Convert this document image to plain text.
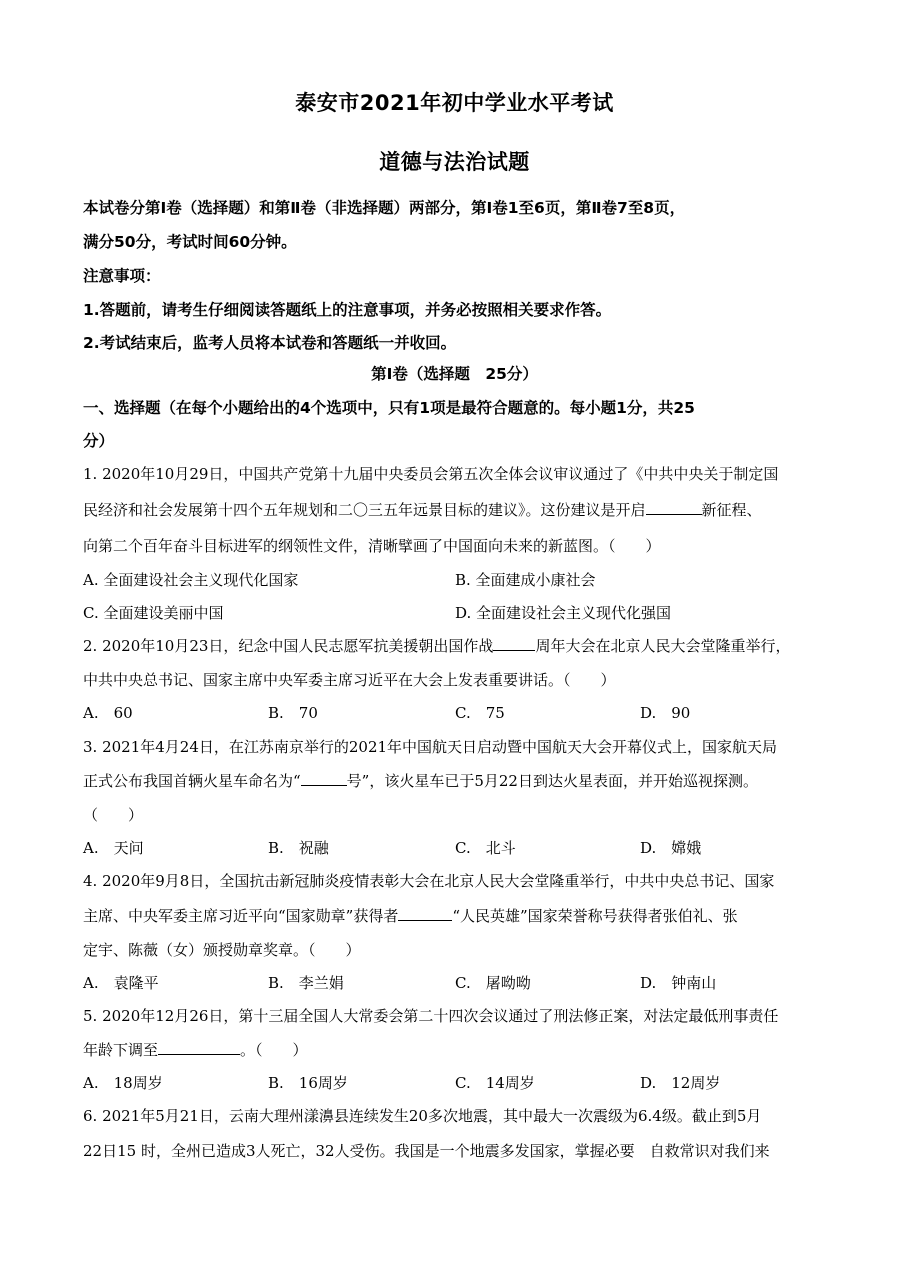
泰安市2021年初中学业水平考试
道德与法治试题
本试卷分第Ⅰ卷（选择题）和第Ⅱ卷（非选择题）两部分，第Ⅰ卷1至6页，第Ⅱ卷7至8页，
满分50分，考试时间60分钟。
注意事项：
1.答题前，请考生仔细阅读答题纸上的注意事项，并务必按照相关要求作答。
2.考试结束后，监考人员将本试卷和答题纸一并收回。
第Ⅰ卷（选择题　25分）
一、选择题（在每个小题给出的4个选项中，只有1项是最符合题意的。每小题1分，共25
分）
1. 2020年10月29日，中国共产党第十九届中央委员会第五次全体会议审议通过了《中共中央关于制定国
民经济和社会发展第十四个五年规划和二〇三五年远景目标的建议》。这份建议是开启	新征程、
向第二个百年奋斗目标进军的纲领性文件，清晰擘画了中国面向未来的新蓝图。（　　）
A. 全面建设社会主义现代化国家	B. 全面建成小康社会
C. 全面建设美丽中国	D. 全面建设社会主义现代化强国
2. 2020年10月23日，纪念中国人民志愿军抗美援朝出国作战	周年大会在北京人民大会堂隆重举行，
中共中央总书记、国家主席中央军委主席习近平在大会上发表重要讲话。（　　）
A.　60	B.　70	C.　75	D.　90
3. 2021年4月24日，在江苏南京举行的2021年中国航天日启动暨中国航天大会开幕仪式上，国家航天局
正式公布我国首辆火星车命名为“	号”，该火星车已于5月22日到达火星表面，并开始巡视探测。
（　　）
A.　天问	B.　祝融	C.　北斗	D.　嫦娥
4. 2020年9月8日，全国抗击新冠肺炎疫情表彰大会在北京人民大会堂隆重举行，中共中央总书记、国家
主席、中央军委主席习近平向“国家勋章”获得者	“人民英雄”国家荣誉称号获得者张伯礼、张
定宇、陈薇（女）颁授勋章奖章。（　　）
A.　袁隆平	B.　李兰娟	C.　屠呦呦	D.　钟南山
5. 2020年12月26日，第十三届全国人大常委会第二十四次会议通过了刑法修正案，对法定最低刑事责任
年龄下调至	。（　　）
A.　18周岁	B.　16周岁	C.　14周岁	D.　12周岁
6. 2021年5月21日，云南大理州漾濞县连续发生20多次地震，其中最大一次震级为6.4级。截止到5月
22日15 时，全州已造成3人死亡，32人受伤。我国是一个地震多发国家，掌握必要　自救常识对我们来
